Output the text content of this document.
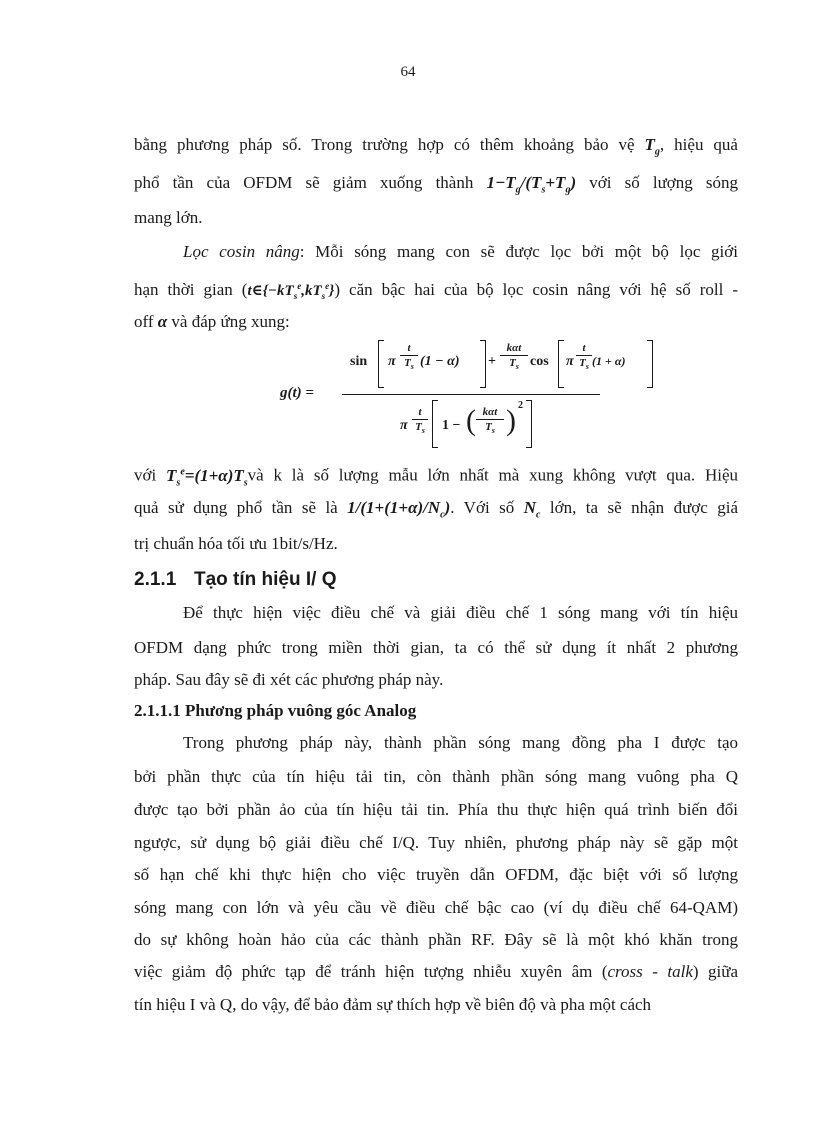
64
bằng phương pháp số. Trong trường hợp có thêm khoảng bảo vệ $T_g$, hiệu quả
phổ tần của OFDM sẽ giảm xuống thành $1-T_g/(T_s+T_g)$ với số lượng sóng
mang lớn.
Lọc cosin nâng: Mỗi sóng mang con sẽ được lọc bởi một bộ lọc giới
hạn thời gian $(t\in\{-kT_s^e,kT_s^e\})$ căn bậc hai của bộ lọc cosin nâng với hệ số roll -
off α và đáp ứng xung:
g(t) =
sin π
t
$T_s$ (1 − α) +
kαt
$T_s$ cos π
t
$T_s$ (1 + α)
π
t
$T_s$ 1 − ( kαt
$T_s$ ) 2
với $T_s^e=(1+\alpha)T_svà$ k là số lượng mẫu lớn nhất mà xung không vượt qua. Hiệu
quả sử dụng phổ tần sẽ là $1/(1+(1+\alpha)/N_c)$. Với số $N_c$ lớn, ta sẽ nhận được giá
trị chuẩn hóa tối ưu 1bit/s/Hz.
2.1.1 Tạo tín hiệu I/ Q
Để thực hiện việc điều chế và giải điều chế 1 sóng mang với tín hiệu
OFDM dạng phức trong miền thời gian, ta có thể sử dụng ít nhất 2 phương
pháp. Sau đây sẽ đi xét các phương pháp này.
2.1.1.1 Phương pháp vuông góc Analog
Trong phương pháp này, thành phần sóng mang đồng pha I được tạo
bởi phần thực của tín hiệu tải tin, còn thành phần sóng mang vuông pha Q
được tạo bởi phần ảo của tín hiệu tải tin. Phía thu thực hiện quá trình biến đổi
ngược, sử dụng bộ giải điều chế I/Q. Tuy nhiên, phương pháp này sẽ gặp một
số hạn chế khi thực hiện cho việc truyền dẫn OFDM, đặc biệt với số lượng
sóng mang con lớn và yêu cầu về điều chế bậc cao (ví dụ điều chế 64-QAM)
do sự không hoàn hảo của các thành phần RF. Đây sẽ là một khó khăn trong
việc giảm độ phức tạp để tránh hiện tượng nhiễu xuyên âm (cross - talk) giữa
tín hiệu I và Q, do vậy, để bảo đảm sự thích hợp về biên độ và pha một cách
